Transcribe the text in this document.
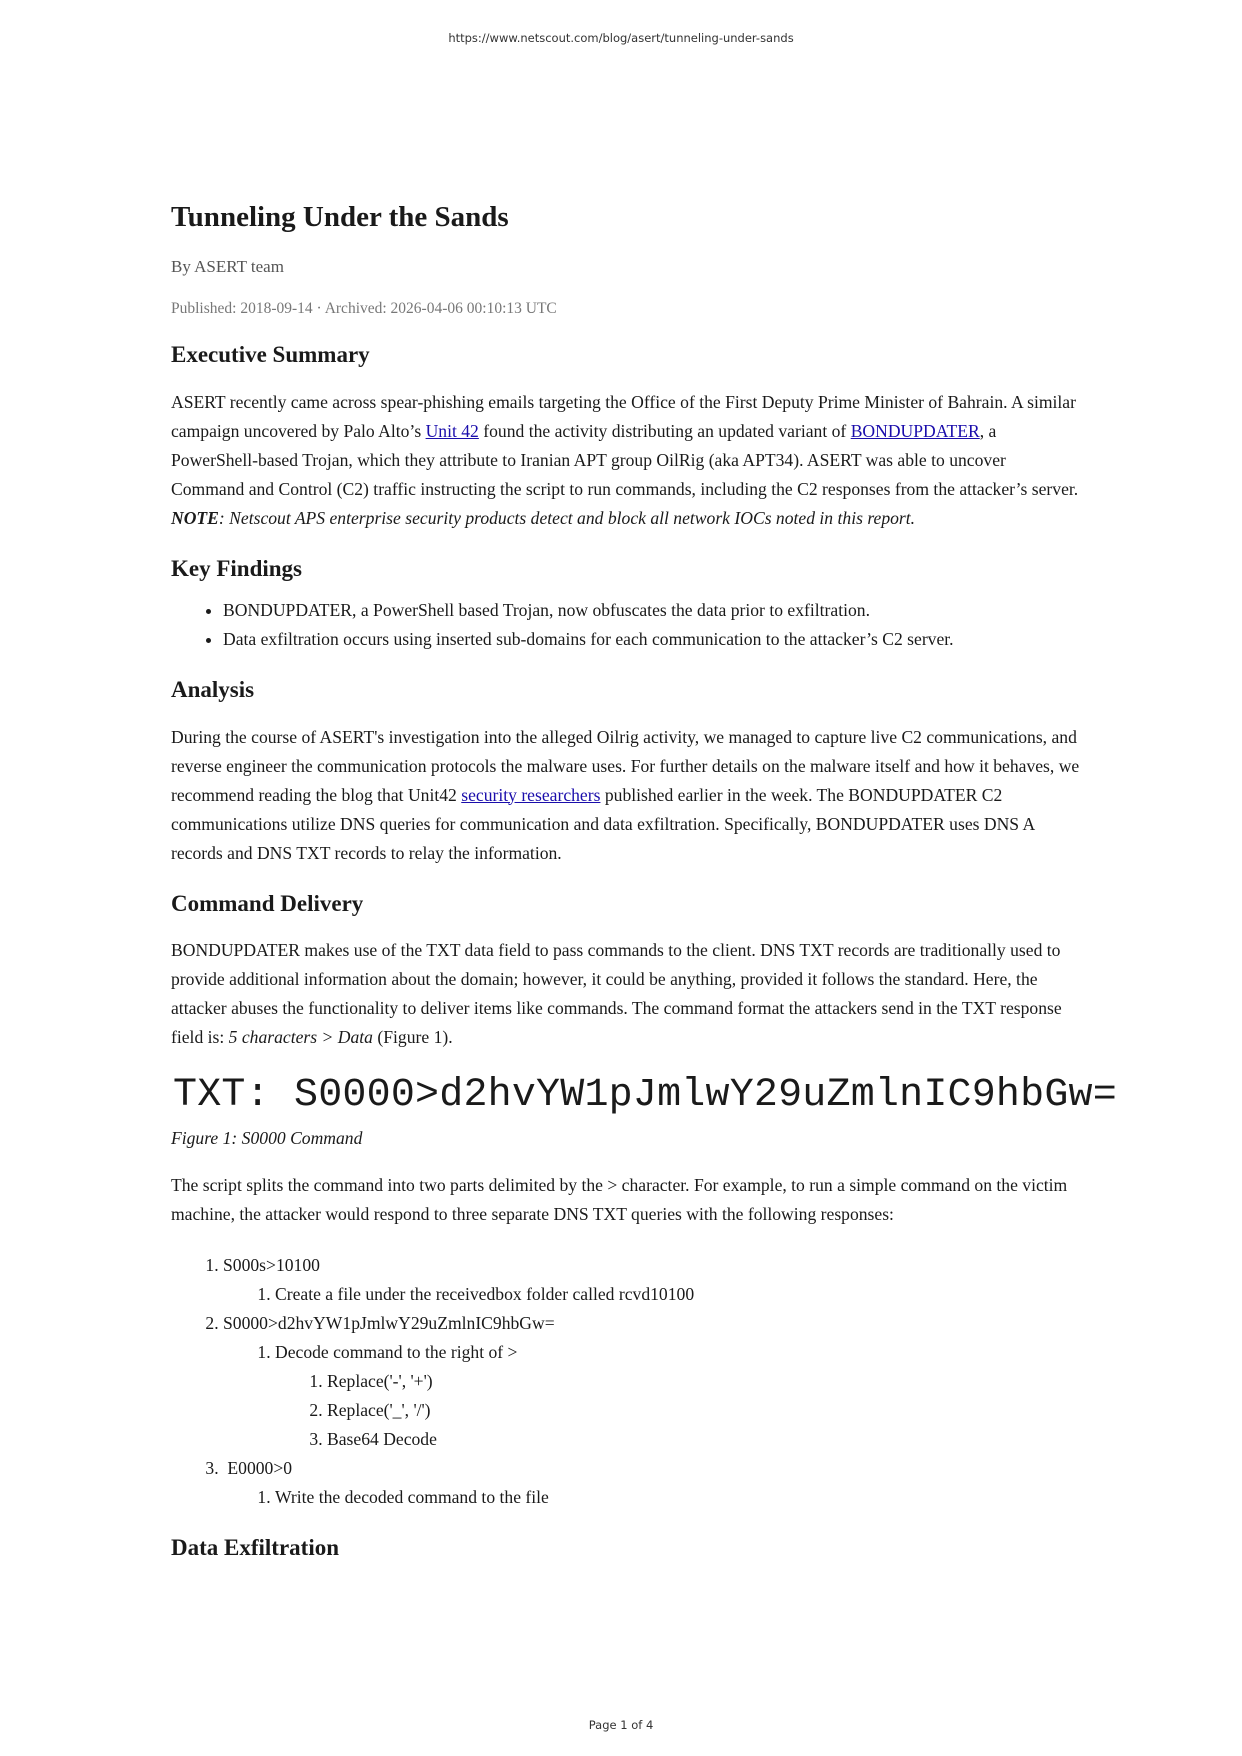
https://www.netscout.com/blog/asert/tunneling-under-sands
Tunneling Under the Sands
By ASERT team
Published: 2018-09-14 · Archived: 2026-04-06 00:10:13 UTC
Executive Summary

ASERT recently came across spear-phishing emails targeting the Office of the First Deputy Prime Minister of Bahrain. A similar campaign uncovered by Palo Alto’s Unit 42 found the activity distributing an updated variant of BONDUPDATER, a PowerShell-based Trojan, which they attribute to Iranian APT group OilRig (aka APT34). ASERT was able to uncover Command and Control (C2) traffic instructing the script to run commands, including the C2 responses from the attacker’s server. NOTE: Netscout APS enterprise security products detect and block all network IOCs noted in this report.

Key Findings
• BONDUPDATER, a PowerShell based Trojan, now obfuscates the data prior to exfiltration.
• Data exfiltration occurs using inserted sub-domains for each communication to the attacker’s C2 server.
Analysis

During the course of ASERT's investigation into the alleged Oilrig activity, we managed to capture live C2 communications, and reverse engineer the communication protocols the malware uses. For further details on the malware itself and how it behaves, we recommend reading the blog that Unit42 security researchers published earlier in the week. The BONDUPDATER C2 communications utilize DNS queries for communication and data exfiltration. Specifically, BONDUPDATER uses DNS A records and DNS TXT records to relay the information.

Command Delivery

BONDUPDATER makes use of the TXT data field to pass commands to the client. DNS TXT records are traditionally used to provide additional information about the domain; however, it could be anything, provided it follows the standard. Here, the attacker abuses the functionality to deliver items like commands. The command format the attackers send in the TXT response field is: 5 characters > Data (Figure 1).

TXT: S0000>d2hvYW1pJmlwY29uZmlnIC9hbGw=
Figure 1: S0000 Command

The script splits the command into two parts delimited by the > character. For example, to run a simple command on the victim machine, the attacker would respond to three separate DNS TXT queries with the following responses:

1. S000s>10100
1. Create a file under the receivedbox folder called rcvd10100
2. S0000>d2hvYW1pJmlwY29uZmlnIC9hbGw=
1. Decode command to the right of >
1. Replace('-', '+')
2. Replace('_', '/')
3. Base64 Decode
3.  E0000>0
1. Write the decoded command to the file
Data Exfiltration
Page 1 of 4
